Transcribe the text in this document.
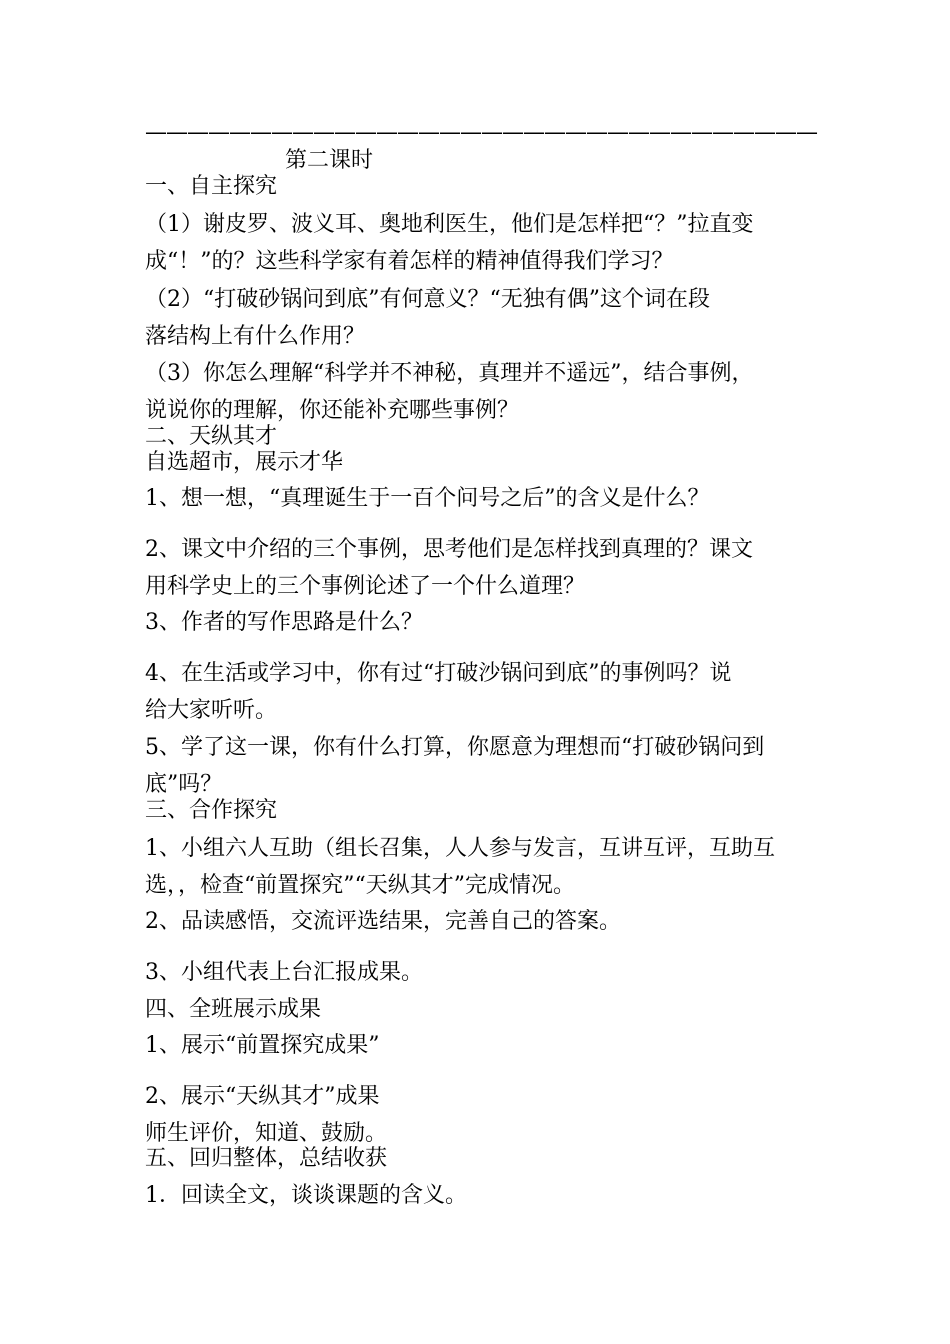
————————————————————————————————
第二课时
一、自主探究
（1）谢皮罗、波义耳、奥地利医生，他们是怎样把“？”拉直变
成“！”的？这些科学家有着怎样的精神值得我们学习？
（2）“打破砂锅问到底”有何意义？“无独有偶”这个词在段
落结构上有什么作用？
（3）你怎么理解“科学并不神秘，真理并不遥远”，结合事例，
说说你的理解，你还能补充哪些事例？
二、天纵其才
自选超市，展示才华
1、想一想，“真理诞生于一百个问号之后”的含义是什么？
2、课文中介绍的三个事例，思考他们是怎样找到真理的？课文
用科学史上的三个事例论述了一个什么道理？
3、作者的写作思路是什么？
4、在生活或学习中，你有过“打破沙锅问到底”的事例吗？说
给大家听听。
5、学了这一课，你有什么打算，你愿意为理想而“打破砂锅问到
底”吗？
三、合作探究
1、小组六人互助（组长召集，人人参与发言，互讲互评，互助互
选，，检查“前置探究”“天纵其才”完成情况。
2、品读感悟，交流评选结果，完善自己的答案。
3、小组代表上台汇报成果。
四、全班展示成果
1、展示“前置探究成果”
2、展示“天纵其才”成果
师生评价，知道、鼓励。
五、回归整体，总结收获
1．回读全文，谈谈课题的含义。
